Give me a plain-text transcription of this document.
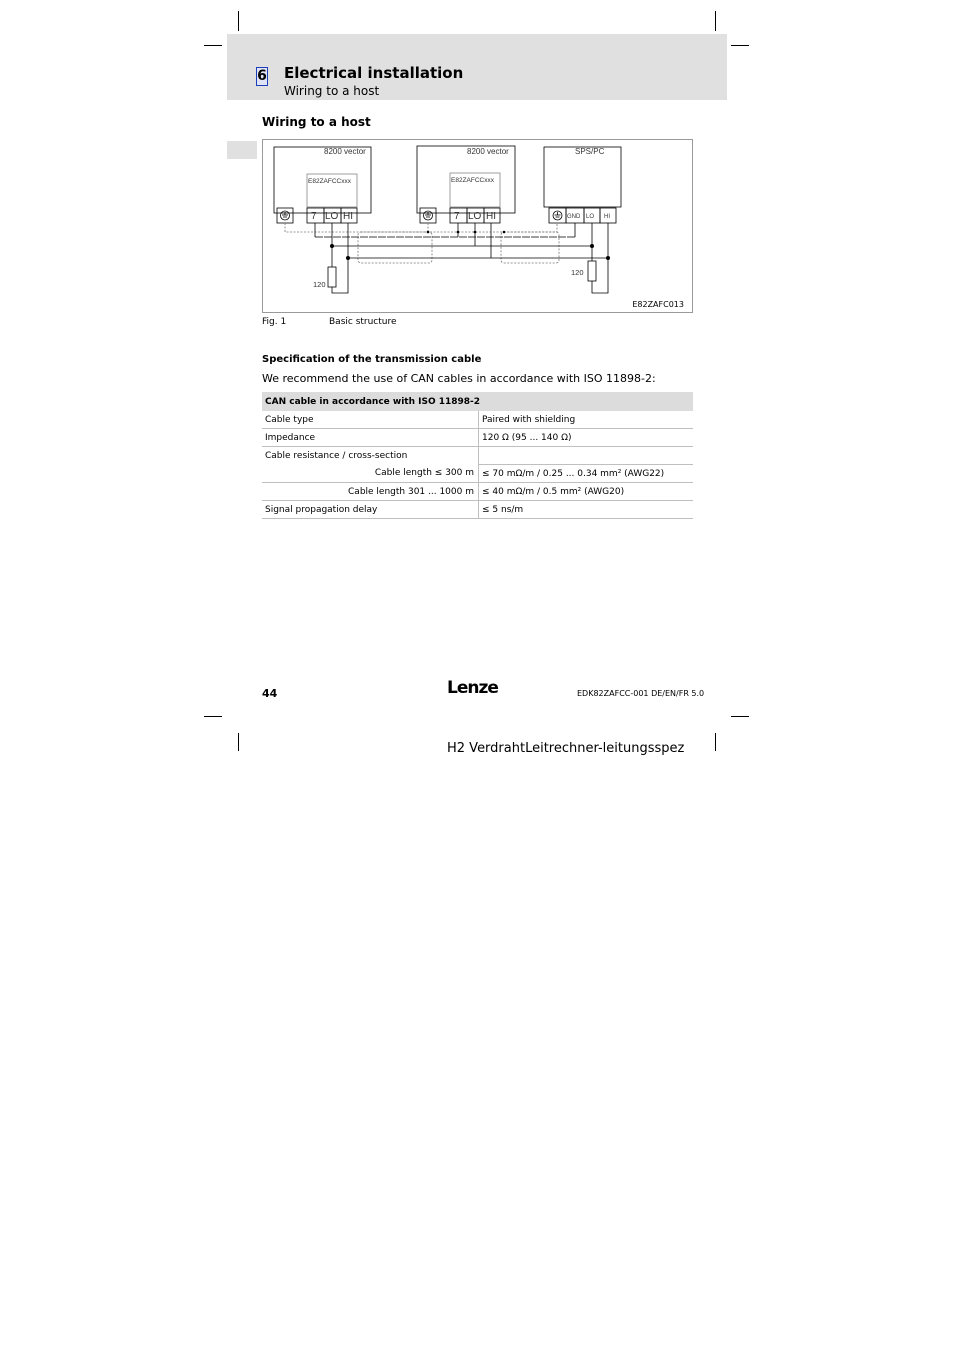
6 Electrical installation
Wiring to a host
Wiring to a host
8200 vector
E82ZAFCCxxx
7 LO HI
8200 vector
E82ZAFCCxxx
7 LO HI
SPS/PC
GND LO HI
120
120
E82ZAFC013
Fig. 1	Basic structure
Specification of the transmission cable
We recommend the use of CAN cables in accordance with ISO 11898-2:
CAN cable in accordance with ISO 11898-2	
Cable type	Paired with shielding
Impedance	120 Ω (95 ... 140 Ω)
Cable resistance / cross-section	
Cable length ≤ 300 m	≤ 70 mΩ/m / 0.25 ... 0.34 mm² (AWG22)
Cable length 301 ... 1000 m	≤ 40 mΩ/m / 0.5 mm² (AWG20)
Signal propagation delay	≤ 5 ns/m
44	Lenze	EDK82ZAFCC-001 DE/EN/FR 5.0
H2 VerdrahtLeitrechner-leitungsspez
